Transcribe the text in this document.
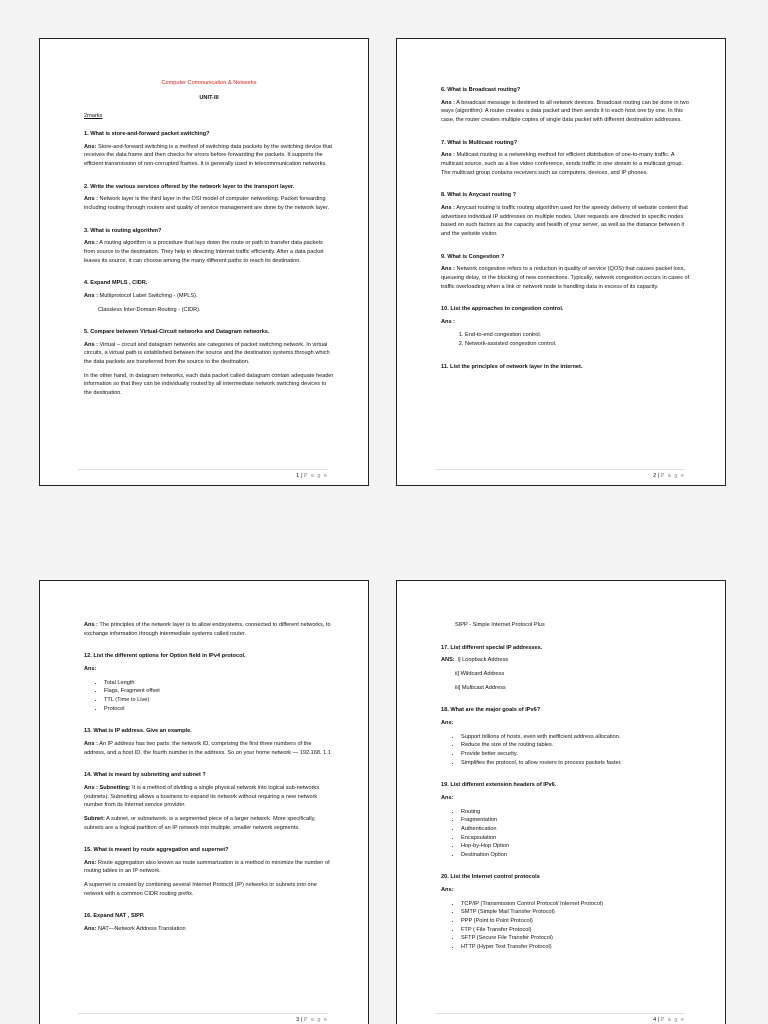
Computer Communication & Networks

UNIT-III

2marks

1. What is store-and-forward packet switching?

Ans: Store-and-forward switching is a method of switching data packets by the switching device that receives the data frame and then checks for errors before forwarding the packets. It supports the efficient transmission of non-corrupted frames. It is generally used in telecommunication networks.

2. Write the various services offered by the network layer to the transport layer.

Ans : Network layer is the third layer in the OSI model of computer networking. Packet forwarding including routing through routers and quality of service management are done by the network layer.

3. What is routing algorithm?

Ans : A routing algorithm is a procedure that lays down the route or path to transfer data packets from source to the destination. They help in directing Internet traffic efficiently. After a data packet leaves its source, it can choose among the many different paths to reach its destination.

4. Expand MPLS , CIDR.

Ans : Multiprotocol Label Switching - (MPLS).

Classless Inter-Domain Routing - (CIDR).

5. Compare between Virtual-Circuit networks and Datagram networks.

Ans : Virtual – circuit and datagram networks are categories of packet switching network. In virtual circuits, a virtual path is established between the source and the destination systems through which the data packets are transferred from the source to the destination.

In the other hand, in datagram networks, each data packet called datagram contain adequate header information so that they can be individually routed by all intermediate network switching devices to the destination.

1 | P a g e

6. What is Broadcast routing?

Ans : A broadcast message is destined to all network devices. Broadcast routing can be done in two ways (algorithm): A router creates a data packet and then sends it to each host one by one. In this case, the router creates multiple copies of single data packet with different destination addresses.

7. What is Multicast routing?

Ans : Multicast routing is a networking method for efficient distribution of one-to-many traffic. A multicast source, such as a live video conference, sends traffic in one stream to a multicast group. The multicast group contains receivers such as computers, devices, and IP phones.

8. What is Anycast routing ?

Ans : Anycast routing is traffic routing algorithm used for the speedy delivery of website content that advertises individual IP addresses on multiple nodes. User requests are directed to specific nodes based on such factors as the capacity and health of your server, as well as the distance between it and the website visitor.

9. What is Congestion ?

Ans : Network congestion refers to a reduction in quality of service (QOS) that causes packet loss, queueing delay, or the blocking of new connections. Typically, network congestion occurs in cases of traffic overloading when a link or network node is handling data in excess of its capacity.

10. List the approaches to congestion control.

Ans :

1. End-to-end congestion control.
2. Network-assisted congestion control.

11. List the principles of network layer in the internet.

2 | P a g e

Ans : The principles of the network layer is to allow endsystems, connected to different networks, to exchange information through intermediate systems called router.

12. List the different options for Option field in IPv4 protocol.

Ans:

• Total Length
• Flags, Fragment offset
• TTL (Time to Live)
• Protocol

13. What is IP address. Give an example.

Ans : An IP address has two parts: the network ID, comprising the first three numbers of the address, and a host ID, the fourth number in the address. So on your home network — 192.168. 1.1

14. What is meant by subnetting and subnet ?

Ans : Subnetting: It is a method of dividing a single physical network into logical sub-networks (subnets). Subnetting allows a business to expand its network without requiring a new network number from its Internet service provider.

Subnet: A subnet, or subnetwork, is a segmented piece of a larger network. More specifically, subnets are a logical partition of an IP network into multiple, smaller network segments.

15. What is meant by route aggregation and supernet?

Ans: Route aggregation also known as route summarization is a method to minimize the number of routing tables in an IP network.

A supernet is created by combining several Internet Protocol (IP) networks or subnets into one network with a common CIDR routing prefix.

16. Expand NAT , SIPP.

Ans: NAT—Network Address Translation

3 | P a g e

SIPP - Simple Internet Protocol Plus

17. List different special IP addresses.

ANS: i] Loopback Address

ii] Wildcard Address

iii] Multicast Address

18. What are the major goals of IPv6?

Ans:

• Support billions of hosts, even with inefficient address allocation.
• Reduce the size of the routing tables.
• Provide better security.
• Simplifies the protocol, to allow routers to process packets faster.

19. List different extension headers of IPv6.

Ans:

• Routing
• Fragmentation
• Authentication
• Encapsulation
• Hop-by-Hop Option
• Destination Option

20. List the Internet control protocols

Ans:

• TCP/IP (Transmission Control Protocol/ Internet Protocol)
• SMTP (Simple Mail Transfer Protocol)
• PPP (Point to Point Protocol)
• FTP ( File Transfer Protocol)
• SFTP (Secure File Transfer Protocol)
• HTTP (Hyper Text Transfer Protocol)
4 | P a g e
